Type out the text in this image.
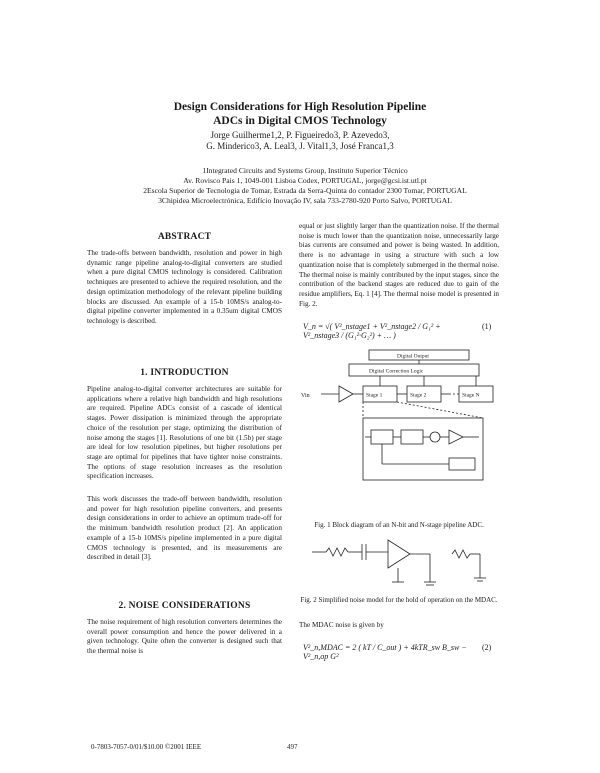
Design Considerations for High Resolution Pipeline
ADCs in Digital CMOS Technology
Jorge Guilherme1,2, P. Figueiredo3, P. Azevedo3,
G. Minderico3, A. Leal3, J. Vital1,3, José Franca1,3

1Integrated Circuits and Systems Group, Instituto Superior Técnico

Av. Rovisco Pais 1, 1049-001 Lisboa Codex, PORTUGAL, jorge@gcsi.ist.utl.pt

2Escola Superior de Tecnologia de Tomar, Estrada da Serra-Quinta do contador 2300 Tomar, PORTUGAL

3Chipidea Microelectrónica, Edifício Inovação IV, sala 733-2780-920 Porto Salvo, PORTUGAL

ABSTRACT

The trade-offs between bandwidth, resolution and power in high dynamic range pipeline analog-to-digital converters are studied when a pure digital CMOS technology is considered. Calibration techniques are presented to achieve the required resolution, and the design optimization methodology of the relevant pipeline building blocks are discussed. An example of a 15-b 10MS/s analog-to-digital pipeline converter implemented in a 0.35um digital CMOS technology is described.

1. INTRODUCTION

Pipeline analog-to-digital converter architectures are suitable for applications where a relative high bandwidth and high resolutions are required. Pipeline ADCs consist of a cascade of identical stages. Power dissipation is minimized through the appropriate choice of the resolution per stage, optimizing the distribution of noise among the stages [1]. Resolutions of one bit (1.5b) per stage are ideal for low resolution pipelines, but higher resolutions per stage are optimal for pipelines that have tighter noise constraints. The options of stage resolution increases as the resolution specification increases.

This work discusses the trade-off between bandwidth, resolution and power for high resolution pipeline converters, and presents design considerations in order to achieve an optimum trade-off for the minimum bandwidth resolution product [2]. An application example of a 15-b 10MS/s pipeline implemented in a pure digital CMOS technology is presented, and its measurements are described in detail [3].

2. NOISE CONSIDERATIONS

The noise requirement of high resolution converters determines the overall power consumption and hence the power delivered in a given technology. Quite often the converter is designed such that the thermal noise is

equal or just slightly larger than the quantization noise. If the thermal noise is much lower than the quantization noise, unnecessarily large bias currents are consumed and power is being wasted. In addition, there is no advantage in using a structure with such a low quantization noise that is completely submerged in the thermal noise. The thermal noise is mainly contributed by the input stages, since the contribution of the backend stages are reduced due to gain of the residue amplifiers, Eq. 1 [4]. The thermal noise model is presented in Fig. 2.

V_n = √( V²_nstage1 + V²_nstage2 / G₁² + V²_nstage3 / (G₁²·G₂²) + … )
(1)
Vin	Stage 1	Stage 2	Stage N
Digital Correction Logic
Digital Output
Fig. 1 Block diagram of an N-bit and N-stage pipeline ADC.
Fig. 2 Simplified noise model for the hold of operation on the MDAC.
The MDAC noise is given by
V²_n,MDAC = 2 ( kT / C_out ) + 4kTR_sw B_sw − V²_n,op G²
(2)
0-7803-7057-0/01/$10.00 ©2001 IEEE	497
